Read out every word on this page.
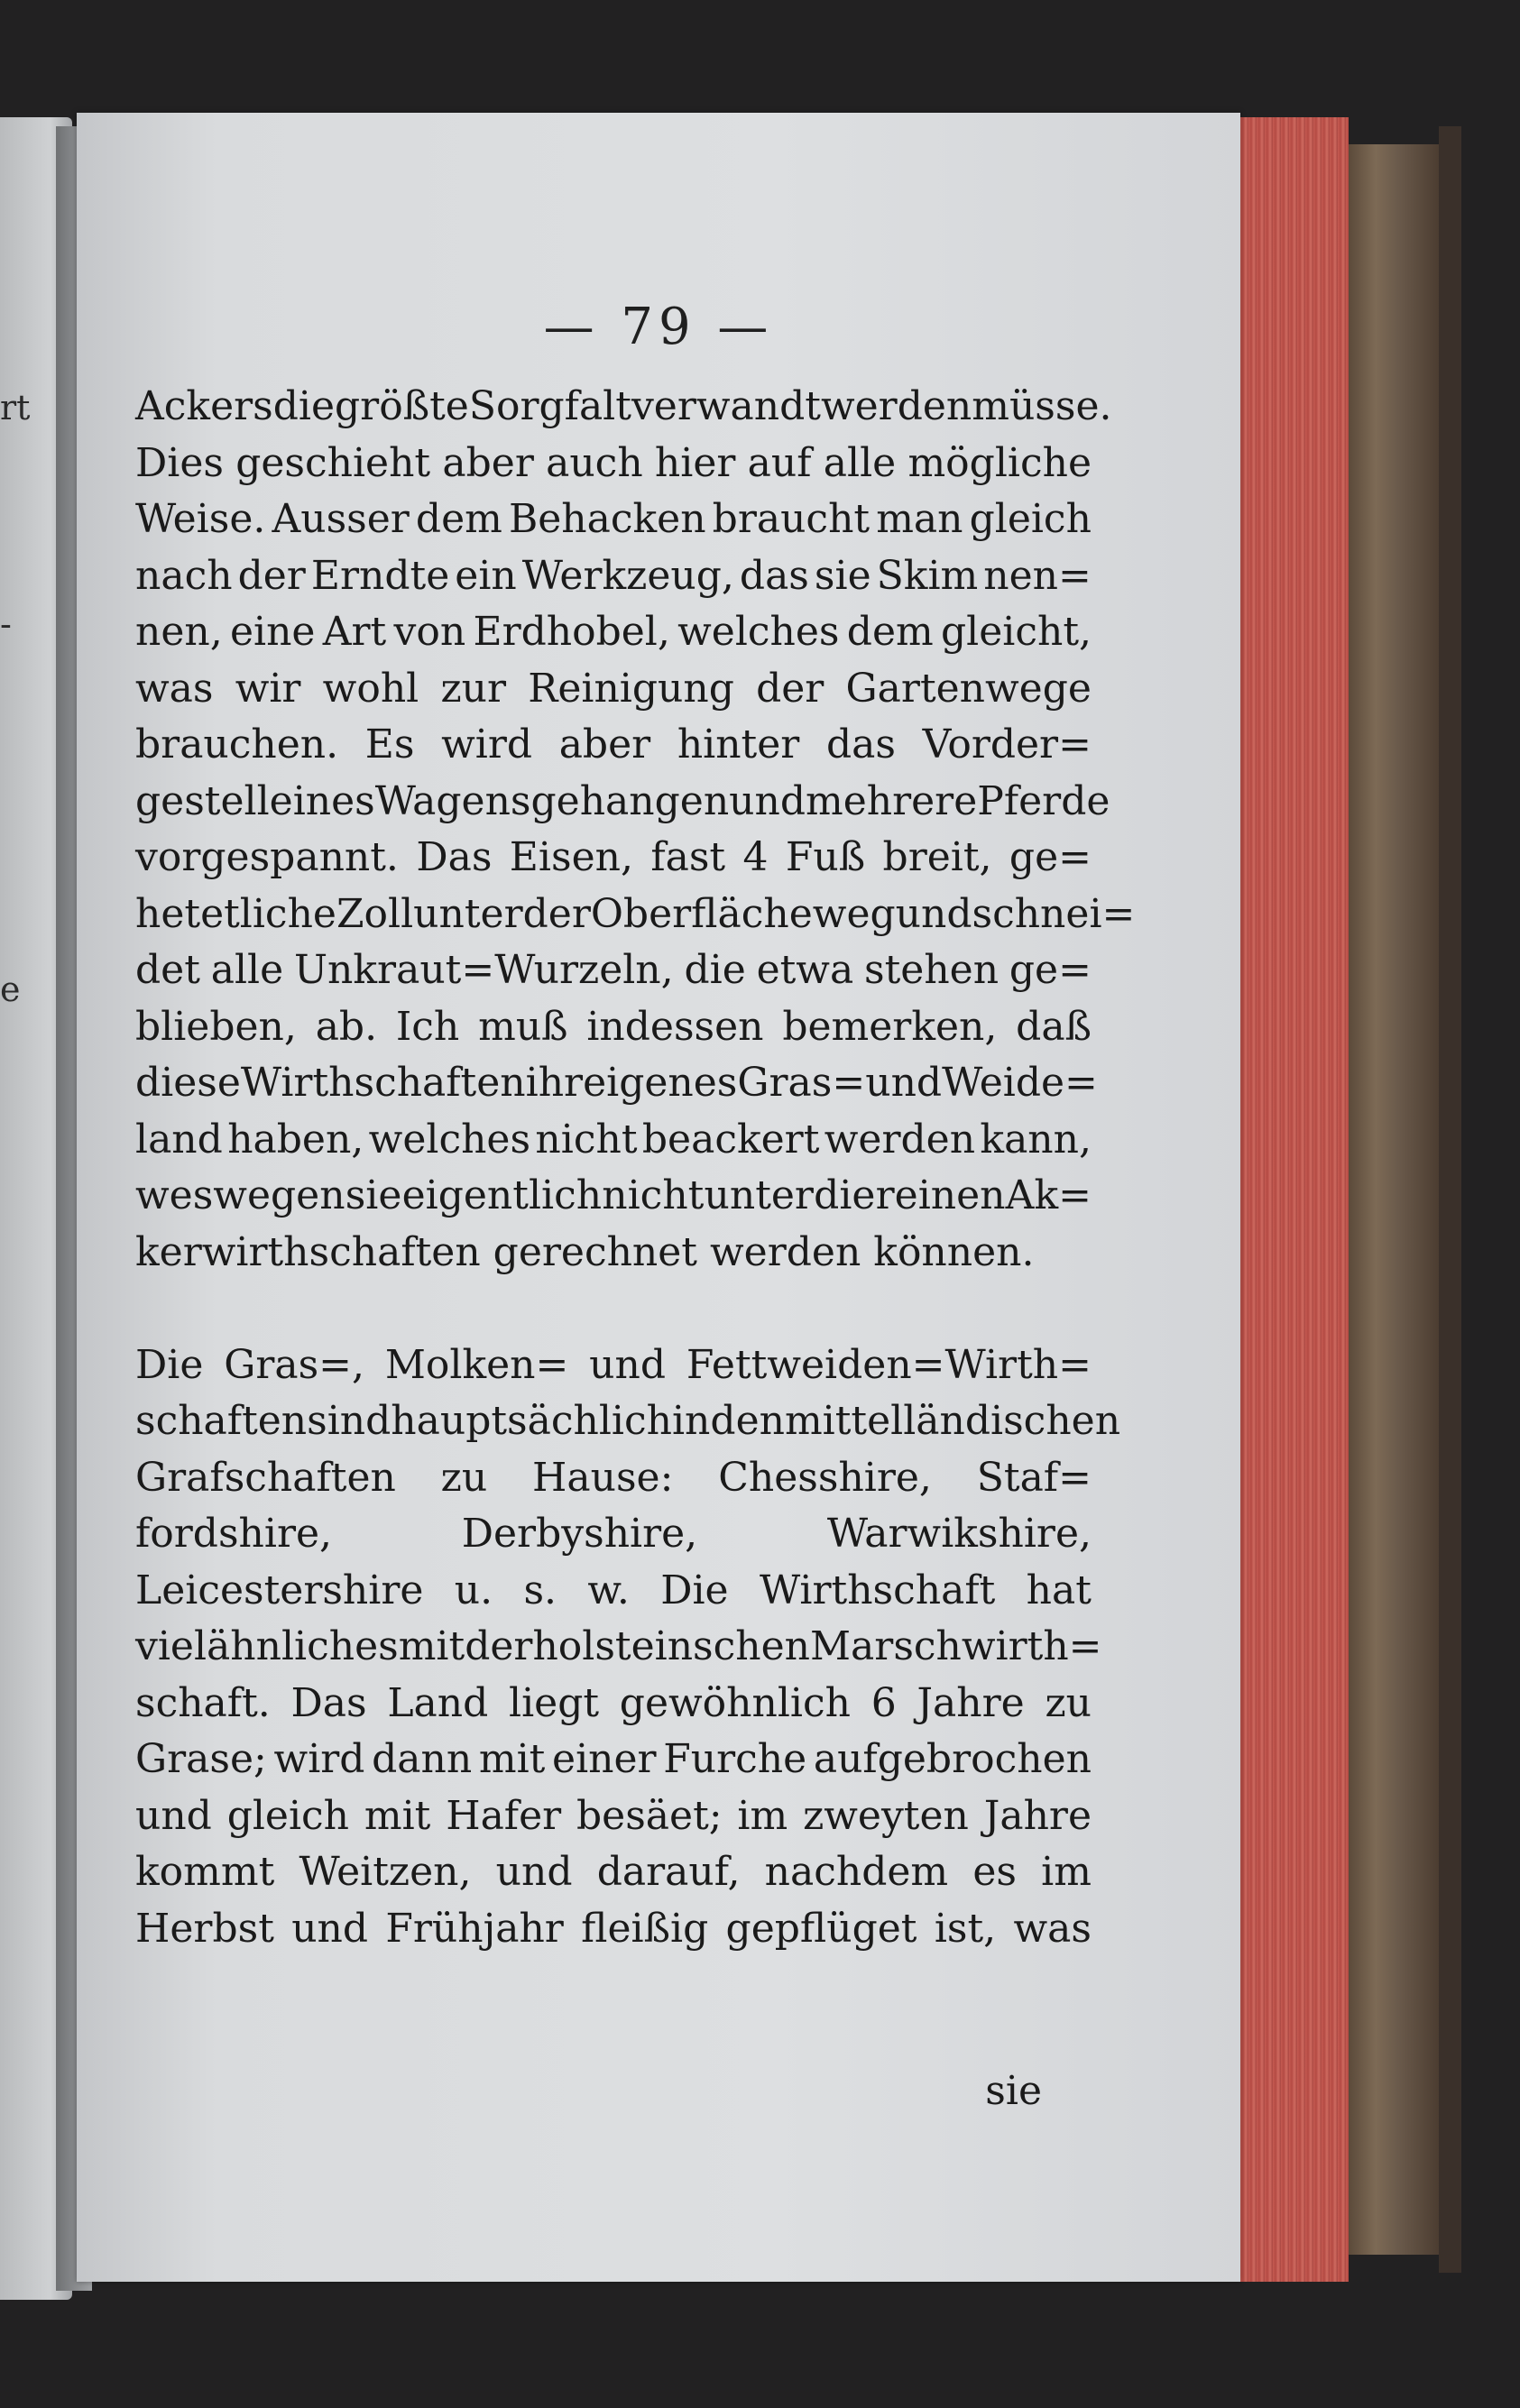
rt
-
e
— 79 —
Ackers die größte Sorgfalt verwandt werden müsse.
Dies geschieht aber auch hier auf alle mögliche
Weise. Ausser dem Behacken braucht man gleich
nach der Erndte ein Werkzeug, das sie Skim nen=
nen, eine Art von Erdhobel, welches dem gleicht,
was wir wohl zur Reinigung der Gartenwege
brauchen. Es wird aber hinter das Vorder=
gestell eines Wagens gehangen und mehrere Pferde
vorgespannt. Das Eisen, fast 4 Fuß breit, ge=
het etliche Zoll unter der Oberfläche weg und schnei=
det alle Unkraut=Wurzeln, die etwa stehen ge=
blieben, ab. Ich muß indessen bemerken, daß
diese Wirthschaften ihr eigenes Gras= und Weide=
land haben, welches nicht beackert werden kann,
weswegen sie eigentlich nicht unter die reinen Ak=
kerwirthschaften gerechnet werden können.
Die Gras=, Molken= und Fettweiden=Wirth=
schaften sind hauptsächlich in den mittelländischen
Grafschaften zu Hause: Chesshire, Staf=
fordshire,	Derbyshire,	Warwikshire,
Leicestershire u. s. w. Die Wirthschaft hat
viel ähnliches mit der holsteinschen Marschwirth=
schaft. Das Land liegt gewöhnlich 6 Jahre zu
Grase; wird dann mit einer Furche aufgebrochen
und gleich mit Hafer besäet; im zweyten Jahre
kommt Weitzen, und darauf, nachdem es im
Herbst und Frühjahr fleißig gepflüget ist, was
sie
